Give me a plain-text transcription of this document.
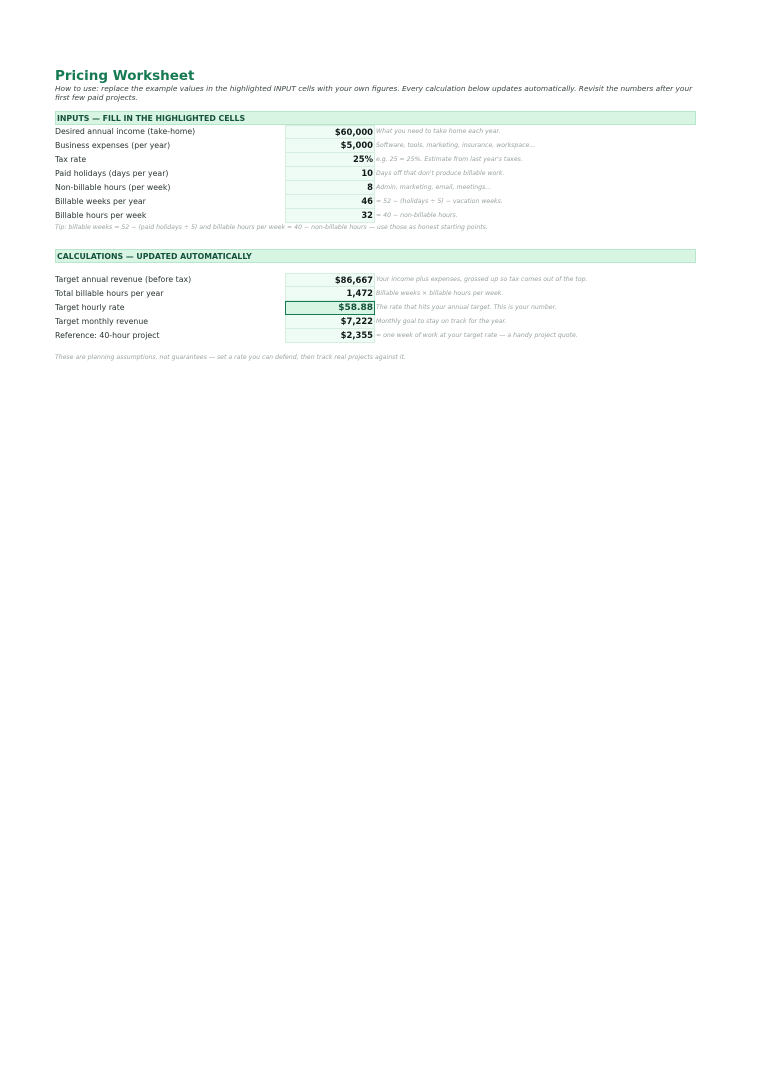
Pricing Worksheet
How to use: replace the example values in the highlighted INPUT cells with your own figures. Every calculation below updates automatically. Revisit the numbers after your first few paid projects.
INPUTS — FILL IN THE HIGHLIGHTED CELLS
Desired annual income (take-home)	$60,000 What you need to take home each year.
Business expenses (per year)	$5,000 Software, tools, marketing, insurance, workspace...
Tax rate	25% e.g. 25 = 25%. Estimate from last year's taxes.
Paid holidays (days per year)	10 Days off that don't produce billable work.
Non-billable hours (per week)	8 Admin, marketing, email, meetings...
Billable weeks per year	46 = 52 − (holidays ÷ 5) − vacation weeks.
Billable hours per week	32 = 40 − non-billable hours.
Tip: billable weeks = 52 − (paid holidays ÷ 5) and billable hours per week = 40 − non-billable hours — use those as honest starting points.
CALCULATIONS — UPDATED AUTOMATICALLY
Target annual revenue (before tax)	$86,667 Your income plus expenses, grossed up so tax comes out of the top.
Total billable hours per year	1,472 Billable weeks × billable hours per week.
Target hourly rate	$58.88 The rate that hits your annual target. This is your number.
Target monthly revenue	$7,222 Monthly goal to stay on track for the year.
Reference: 40-hour project	$2,355 ≈ one week of work at your target rate — a handy project quote.
These are planning assumptions, not guarantees — set a rate you can defend, then track real projects against it.
